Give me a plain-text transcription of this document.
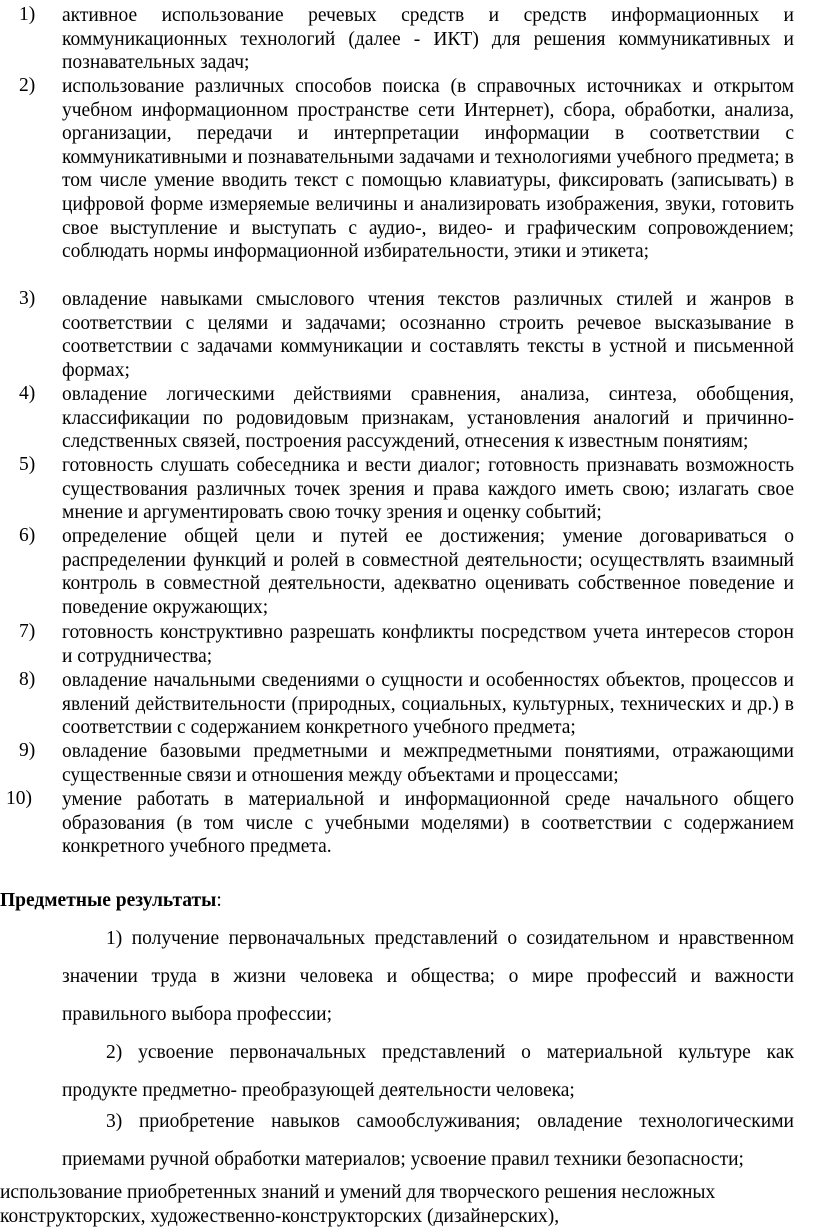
1) активное использование речевых средств и средств информационных и коммуникационных технологий (далее - ИКТ) для решения коммуникативных и познавательных задач;
2) использование различных способов поиска (в справочных источниках и открытом учебном информационном пространстве сети Интернет), сбора, обработки, анализа, организации, передачи и интерпретации информации в соответствии с коммуникативными и познавательными задачами и технологиями учебного предмета; в том числе умение вводить текст с помощью клавиатуры, фиксировать (записывать) в цифровой форме измеряемые величины и анализировать изображения, звуки, готовить свое выступление и выступать с аудио-, видео- и графическим сопровождением; соблюдать нормы информационной избирательности, этики и этикета;
3) овладение навыками смыслового чтения текстов различных стилей и жанров в соответствии с целями и задачами; осознанно строить речевое высказывание в соответствии с задачами коммуникации и составлять тексты в устной и письменной формах;
4) овладение логическими действиями сравнения, анализа, синтеза, обобщения, классификации по родовидовым признакам, установления аналогий и причинно-следственных связей, построения рассуждений, отнесения к известным понятиям;
5) готовность слушать собеседника и вести диалог; готовность признавать возможность существования различных точек зрения и права каждого иметь свою; излагать свое мнение и аргументировать свою точку зрения и оценку событий;
6) определение общей цели и путей ее достижения; умение договариваться о распределении функций и ролей в совместной деятельности; осуществлять взаимный контроль в совместной деятельности, адекватно оценивать собственное поведение и поведение окружающих;
7) готовность конструктивно разрешать конфликты посредством учета интересов сторон и сотрудничества;
8) овладение начальными сведениями о сущности и особенностях объектов, процессов и явлений действительности (природных, социальных, культурных, технических и др.) в соответствии с содержанием конкретного учебного предмета;
9) овладение базовыми предметными и межпредметными понятиями, отражающими существенные связи и отношения между объектами и процессами;
10) умение работать в материальной и информационной среде начального общего образования (в том числе с учебными моделями) в соответствии с содержанием конкретного учебного предмета.
Предметные результаты:
1) получение первоначальных представлений о созидательном и нравственном значении труда в жизни человека и общества; о мире профессий и важности правильного выбора профессии;
2) усвоение первоначальных представлений о материальной культуре как продукте предметно- преобразующей деятельности человека;
3) приобретение навыков самообслуживания; овладение технологическими приемами ручной обработки материалов; усвоение правил техники безопасности;
использование приобретенных знаний и умений для творческого решения несложных конструкторских, художественно-конструкторских (дизайнерских),
